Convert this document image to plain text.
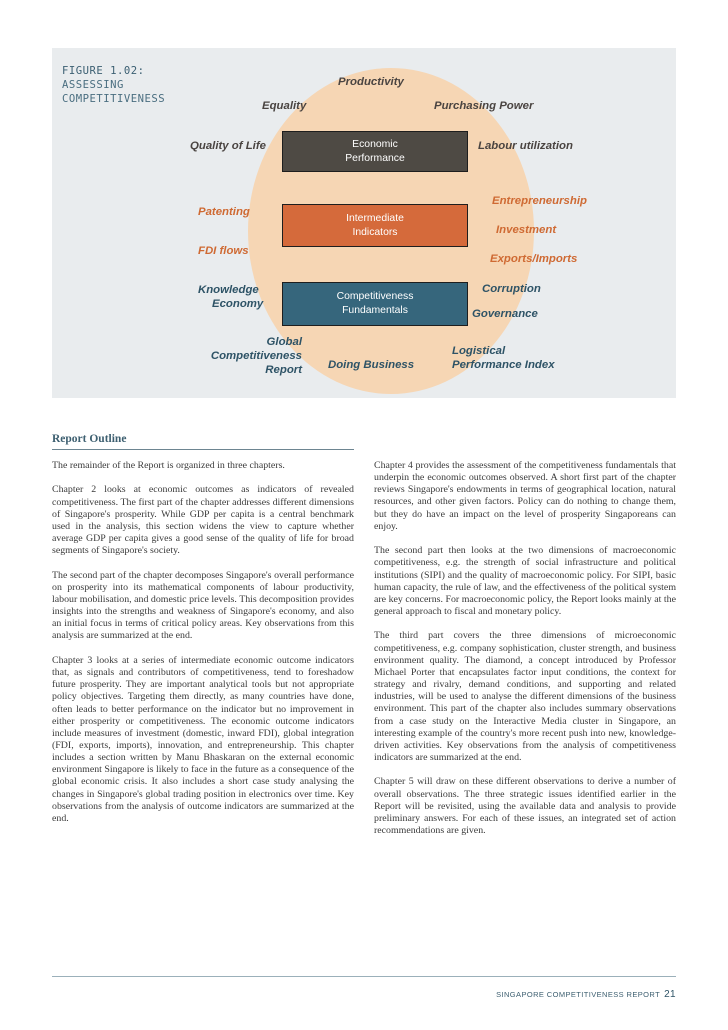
FIGURE 1.02:
ASSESSING
COMPETITIVENESS
Economic
Performance
Intermediate
Indicators
Competitiveness
Fundamentals
Productivity
Equality	Purchasing Power
Quality of Life	Labour utilization
Patenting
Entrepreneurship
Investment
FDI flows
Exports/Imports
Knowledge
Economy
Corruption
Governance
Global
Competitiveness
Report Doing Business
Logistical
Performance Index
Report Outline

The remainder of the Report is organized in three chapters.

Chapter 2 looks at economic outcomes as indicators of revealed competitiveness. The first part of the chapter addresses different dimensions of Singapore's prosperity. While GDP per capita is a central benchmark used in the analysis, this section widens the view to capture whether average GDP per capita gives a good sense of the quality of life for broad segments of Singapore's society.

The second part of the chapter decomposes Singapore's overall performance on prosperity into its mathematical components of labour productivity, labour mobilisation, and domestic price levels. This decomposition provides insights into the strengths and weakness of Singapore's economy, and also an initial focus in terms of critical policy areas. Key observations from this analysis are summarized at the end.

Chapter 3 looks at a series of intermediate economic outcome indicators that, as signals and contributors of competitiveness, tend to foreshadow future prosperity. They are important analytical tools but not appropriate policy objectives. Targeting them directly, as many countries have done, often leads to better performance on the indicator but no improvement in either prosperity or competitiveness. The economic outcome indicators include measures of investment (domestic, inward FDI), global integration (FDI, exports, imports), innovation, and entrepreneurship. This chapter includes a section written by Manu Bhaskaran on the external economic environment Singapore is likely to face in the future as a consequence of the global economic crisis. It also includes a short case study analysing the changes in Singapore's global trading position in electronics over time. Key observations from the analysis of outcome indicators are summarized at the end.

Chapter 4 provides the assessment of the competitiveness fundamentals that underpin the economic outcomes observed. A short first part of the chapter reviews Singapore's endowments in terms of geographical location, natural resources, and other given factors. Policy can do nothing to change them, but they do have an impact on the level of prosperity Singaporeans can enjoy.

The second part then looks at the two dimensions of macroeconomic competitiveness, e.g. the strength of social infrastructure and political institutions (SIPI) and the quality of macroeconomic policy. For SIPI, basic human capacity, the rule of law, and the effectiveness of the political system are key concerns. For macroeconomic policy, the Report looks mainly at the general approach to fiscal and monetary policy.

The third part covers the three dimensions of microeconomic competitiveness, e.g. company sophistication, cluster strength, and business environment quality. The diamond, a concept introduced by Professor Michael Porter that encapsulates factor input conditions, the context for strategy and rivalry, demand conditions, and supporting and related industries, will be used to analyse the different dimensions of the business environment. This part of the chapter also includes summary observations from a case study on the Interactive Media cluster in Singapore, an interesting example of the country's more recent push into new, knowledge-driven activities. Key observations from the analysis of competitiveness indicators are summarized at the end.

Chapter 5 will draw on these different observations to derive a number of overall observations. The three strategic issues identified earlier in the Report will be revisited, using the available data and analysis to provide preliminary answers. For each of these issues, an integrated set of action recommendations are given.

SINGAPORE COMPETITIVENESS REPORT 21
